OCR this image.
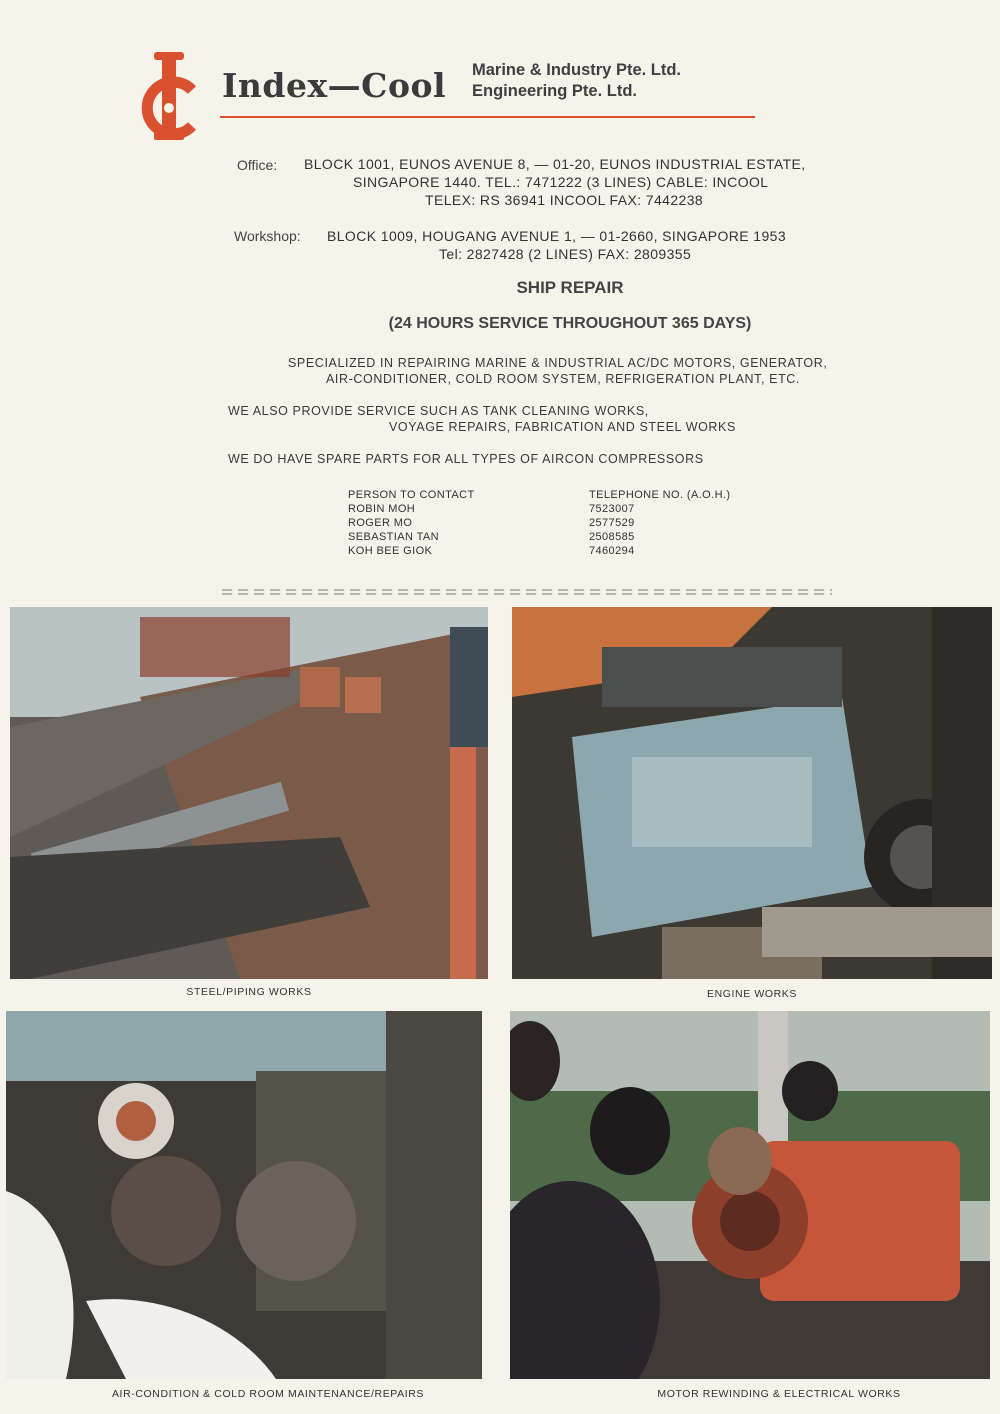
Index—Cool Marine & Industry Pte. Ltd.
Engineering Pte. Ltd.
Office: BLOCK 1001, EUNOS AVENUE 8, — 01-20, EUNOS INDUSTRIAL ESTATE,
SINGAPORE 1440. TEL.: 7471222 (3 LINES) CABLE: INCOOL
TELEX: RS 36941 INCOOL FAX: 7442238
Workshop: BLOCK 1009, HOUGANG AVENUE 1, — 01-2660, SINGAPORE 1953
Tel: 2827428 (2 LINES) FAX: 2809355
SHIP REPAIR
(24 HOURS SERVICE THROUGHOUT 365 DAYS)
SPECIALIZED IN REPAIRING MARINE & INDUSTRIAL AC/DC MOTORS, GENERATOR,
AIR-CONDITIONER, COLD ROOM SYSTEM, REFRIGERATION PLANT, ETC.
WE ALSO PROVIDE SERVICE SUCH AS TANK CLEANING WORKS,
VOYAGE REPAIRS, FABRICATION AND STEEL WORKS
WE DO HAVE SPARE PARTS FOR ALL TYPES OF AIRCON COMPRESSORS
PERSON TO CONTACT	TELEPHONE NO. (A.O.H.)
ROBIN MOH	7523007
ROGER MO	2577529
SEBASTIAN TAN	2508585
KOH BEE GIOK	7460294
STEEL/PIPING WORKS	ENGINE WORKS
AIR-CONDITION & COLD ROOM MAINTENANCE/REPAIRS	MOTOR REWINDING & ELECTRICAL WORKS
